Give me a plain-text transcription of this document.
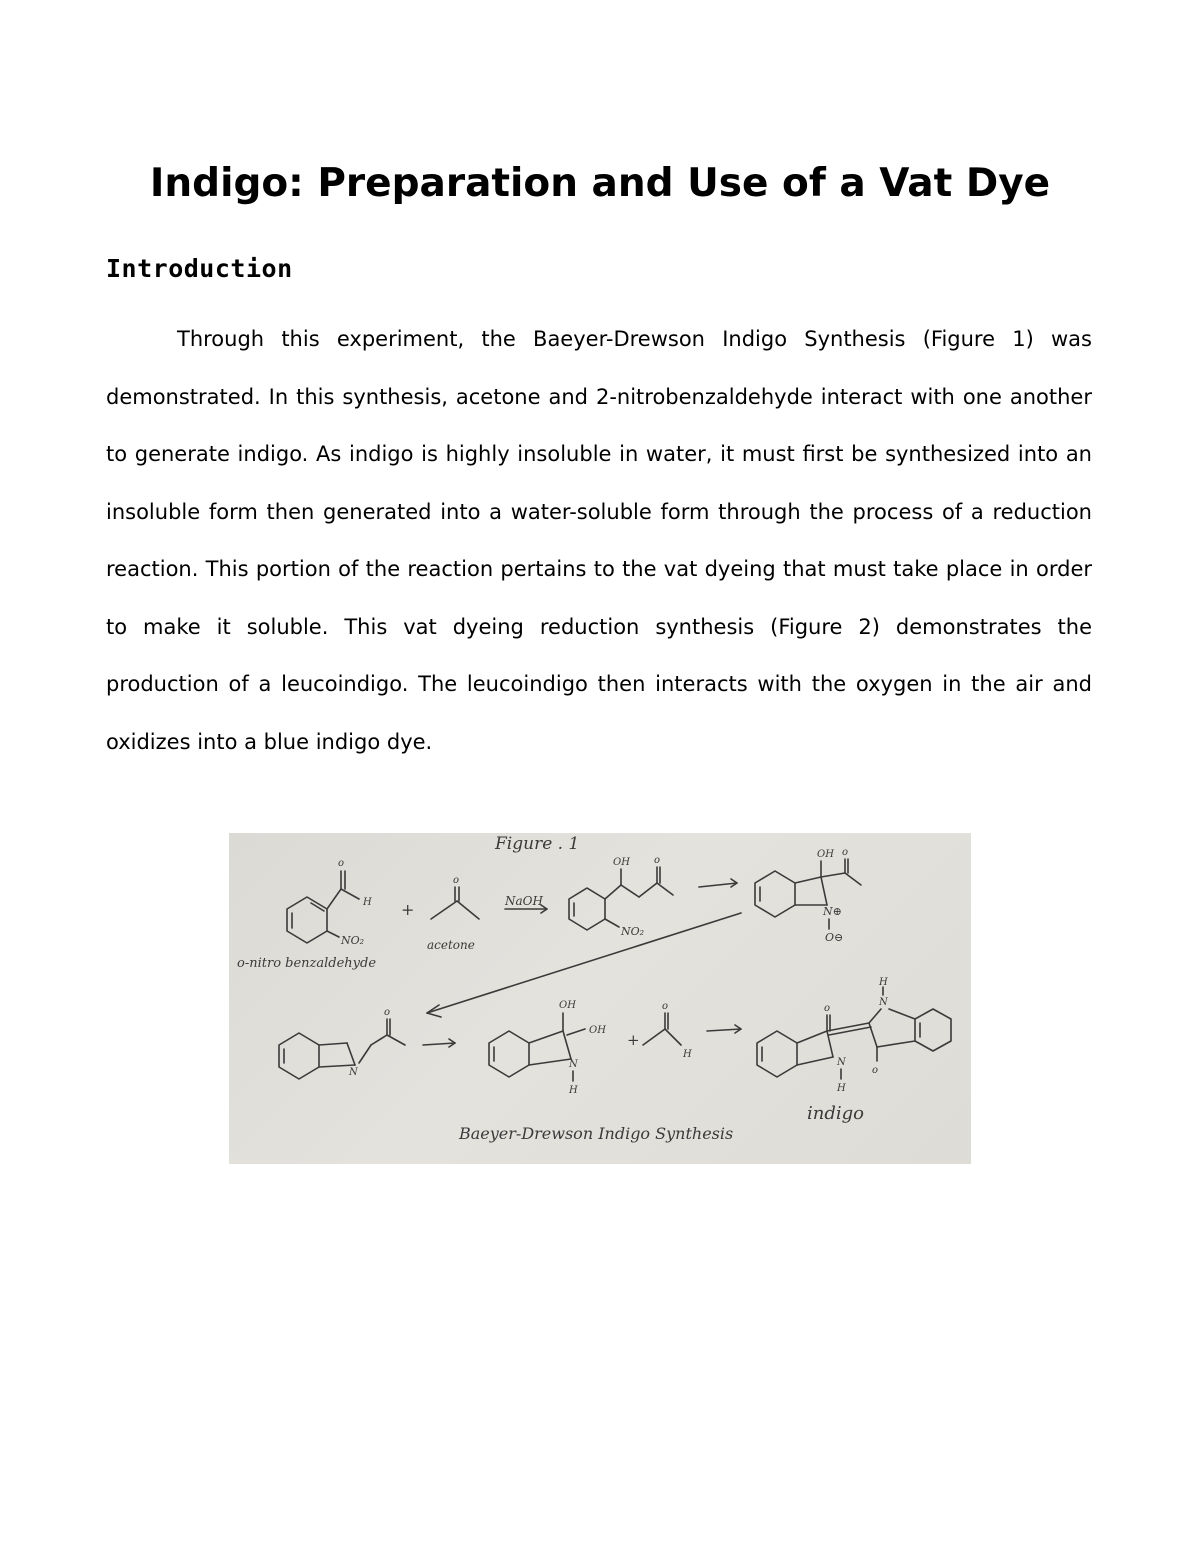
Indigo: Preparation and Use of a Vat Dye
Introduction

Through this experiment, the Baeyer-Drewson Indigo Synthesis (Figure 1) was demonstrated. In this synthesis, acetone and 2-nitrobenzaldehyde interact with one another to generate indigo. As indigo is highly insoluble in water, it must first be synthesized into an insoluble form then generated into a water-soluble form through the process of a reduction reaction. This portion of the reaction pertains to the vat dyeing that must take place in order to make it soluble. This vat dyeing reduction synthesis (Figure 2) demonstrates the production of a leucoindigo. The leucoindigo then interacts with the oxygen in the air and oxidizes into a blue indigo dye.

Figure . 1
o
H
NO₂
o-nitro benzaldehyde
+
o
acetone
NaOH
OH o
NO₂
OH o
N⊕
O⊖
N
o
OH
OH
N
H
+
o
H
o
N
H
N
H
o
indigo
Baeyer-Drewson Indigo Synthesis
